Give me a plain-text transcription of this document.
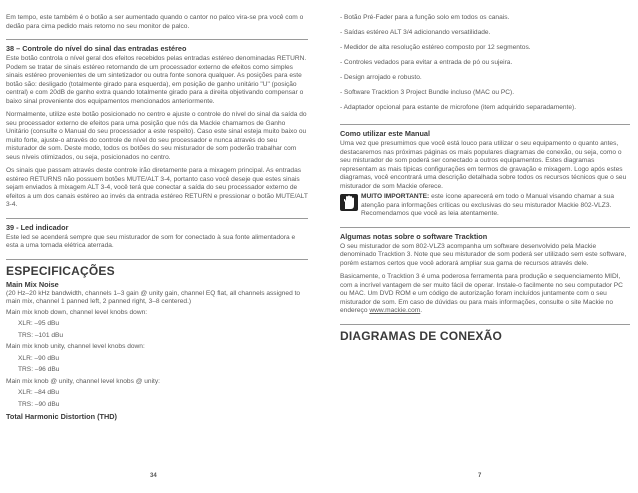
Em tempo, este também é o botão a ser aumentado quando o cantor no palco vira-se pra você com o dedão para cima pedido mais retorno no seu monitor de palco.

38 – Controle do nível do sinal das entradas estéreo

Este botão controla o nível geral dos efeitos recebidos pelas entradas estéreo denominadas RETURN. Podem se tratar de sinais estéreo retornando de um processador externo de efeitos como simples sinais estéreo provenientes de um sintetizador ou outra fonte sonora qualquer. As posições para este botão são: desligado (totalmente girado para esquerda), em posição de ganho unitário "U" (posição central) e com 20dB de ganho extra quando totalmente girado para a direita objetivando compensar o baixo sinal proveniente dos equipamentos mencionados anteriormente.

Normalmente, utilize este botão posicionado no centro e ajuste o controle do nível do sinal da saída do seu processador externo de efeitos para uma posição que nós da Mackie chamamos de Ganho Unitário (consulte o Manual do seu processador a este respeito). Caso este sinal esteja muito baixo ou muito forte, ajuste-o através do controle de nível do seu processador e nunca através do seu misturador de som. Deste modo, todos os botões do seu misturador de som poderão trabalhar com seus níveis otimizados, ou seja, posicionados no centro.

Os sinais que passam através deste controle irão diretamente para a mixagem principal. As entradas estéreo RETURNS não possuem botões MUTE/ALT 3-4, portanto caso você deseje que estes sinais sejam enviados à mixagem ALT 3-4, você terá que conectar a saída do seu processador externo de efeitos a um dos canais estéreo ao invés da entrada estéreo RETURN e pressionar o botão MUTE/ALT 3-4.

39 - Led indicador

Este led se acenderá sempre que seu misturador de som for conectado à sua fonte alimentadora e esta a uma tomada elétrica aterrada.

ESPECIFICAÇÕES
Main Mix Noise

(20 Hz–20 kHz bandwidth, channels 1–3 gain @ unity gain, channel EQ flat, all channels assigned to main mix, channel 1 panned left, 2 panned right, 3–8 centered.)

Main mix knob down, channel level knobs down:

XLR: –95 dBu

TRS: –101 dBu

Main mix knob unity, channel level knobs down:

XLR: –90 dBu

TRS: –96 dBu

Main mix knob @ unity, channel level knobs @ unity:

XLR: –84 dBu

TRS: –90 dBu

Total Harmonic Distortion (THD)

- Botão Pré-Fader para a função solo em todos os canais.

- Saídas estéreo ALT 3/4 adicionando versatilidade.

- Medidor de alta resolução estéreo composto por 12 segmentos.

- Controles vedados para evitar a entrada de pó ou sujeira.

- Design arrojado e robusto.

- Software Tracktion 3 Project Bundle incluso (MAC ou PC).

- Adaptador opcional para estante de microfone (item adquirido separadamente).

Como utilizar este Manual

Uma vez que presumimos que você está louco para utilizar o seu equipamento o quanto antes, destacaremos nas próximas páginas os mais populares diagramas de conexão, ou seja, como o seu misturador de som poderá ser conectado a outros equipamentos. Estes diagramas representam as mais típicas configurações em termos de gravação e mixagem. Logo após estes diagramas, você encontrará uma descrição detalhada sobre todos os recursos técnicos que o seu misturador de som Mackie oferece.

MUITO IMPORTANTE: este ícone aparecerá em todo o Manual visando chamar a sua atenção para informações críticas ou exclusivas do seu misturador Mackie 802-VLZ3. Recomendamos que você as leia atentamente.
Algumas notas sobre o software Tracktion

O seu misturador de som 802-VLZ3 acompanha um software desenvolvido pela Mackie denominado Tracktion 3. Note que seu misturador de som poderá ser utilizado sem este software, porém estamos certos que você adorará ampliar sua gama de recursos através dele.

Basicamente, o Tracktion 3 é uma poderosa ferramenta para produção e sequenciamento MIDI, com a incrível vantagem de ser muito fácil de operar. Instale-o facilmente no seu computador PC ou MAC. Um DVD ROM e um código de autorização foram incluídos juntamente com o seu misturador de som. Em caso de dúvidas ou para mais informações, consulte o site Mackie no endereço www.mackie.com.

DIAGRAMAS DE CONEXÃO
34	7
